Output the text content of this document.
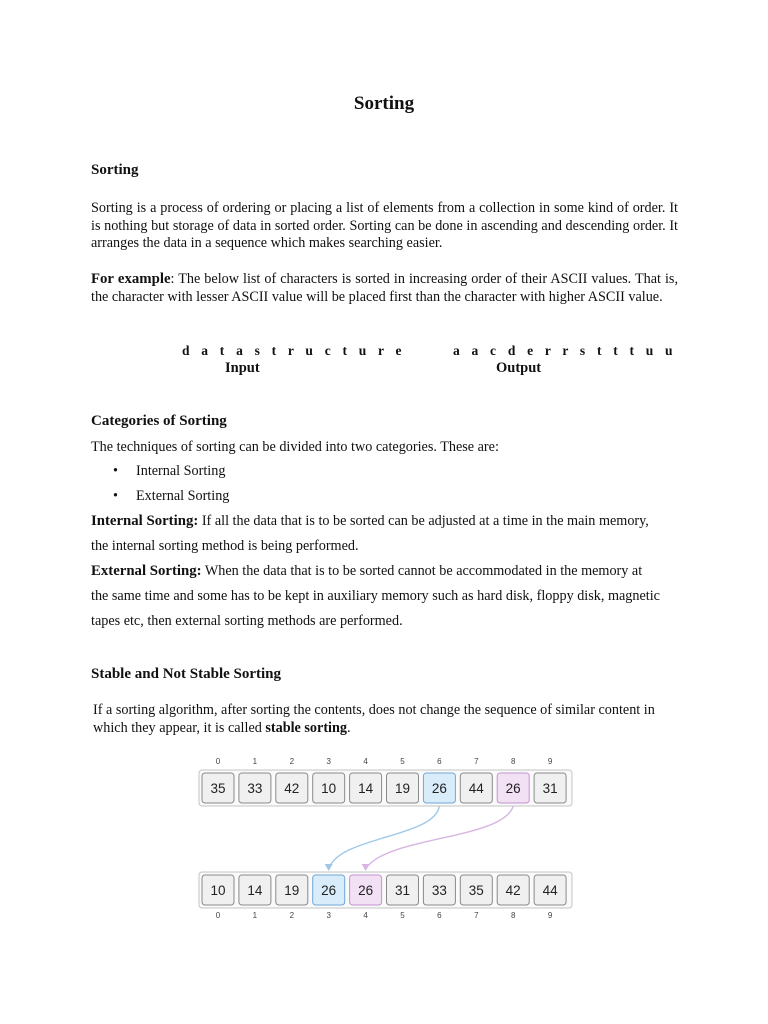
Sorting
Sorting

Sorting is a process of ordering or placing a list of elements from a collection in some kind of order. It is nothing but storage of data in sorted order. Sorting can be done in ascending and descending order. It arranges the data in a sequence which makes searching easier.

For example: The below list of characters is sorted in increasing order of their ASCII values. That is, the character with lesser ASCII value will be placed first than the character with higher ASCII value.

d a t a s t r u c t u r e
Input
a a c d e r r s t t t u u
Output
Categories of Sorting
The techniques of sorting can be divided into two categories. These are:
• Internal Sorting
• External Sorting
Internal Sorting: If all the data that is to be sorted can be adjusted at a time in the main memory,
the internal sorting method is being performed.
External Sorting: When the data that is to be sorted cannot be accommodated in the memory at
the same time and some has to be kept in auxiliary memory such as hard disk, floppy disk, magnetic
tapes etc, then external sorting methods are performed.
Stable and Not Stable Sorting

If a sorting algorithm, after sorting the contents, does not change the sequence of similar content in which they appear, it is called stable sorting.

35
0
33
1
42
2
10
3
14
4
19
5
26
6
44
7
26
8
31
9
10
0
14
1
19
2
26
3
26
4
31
5
33
6
35
7
42
8
44
9
